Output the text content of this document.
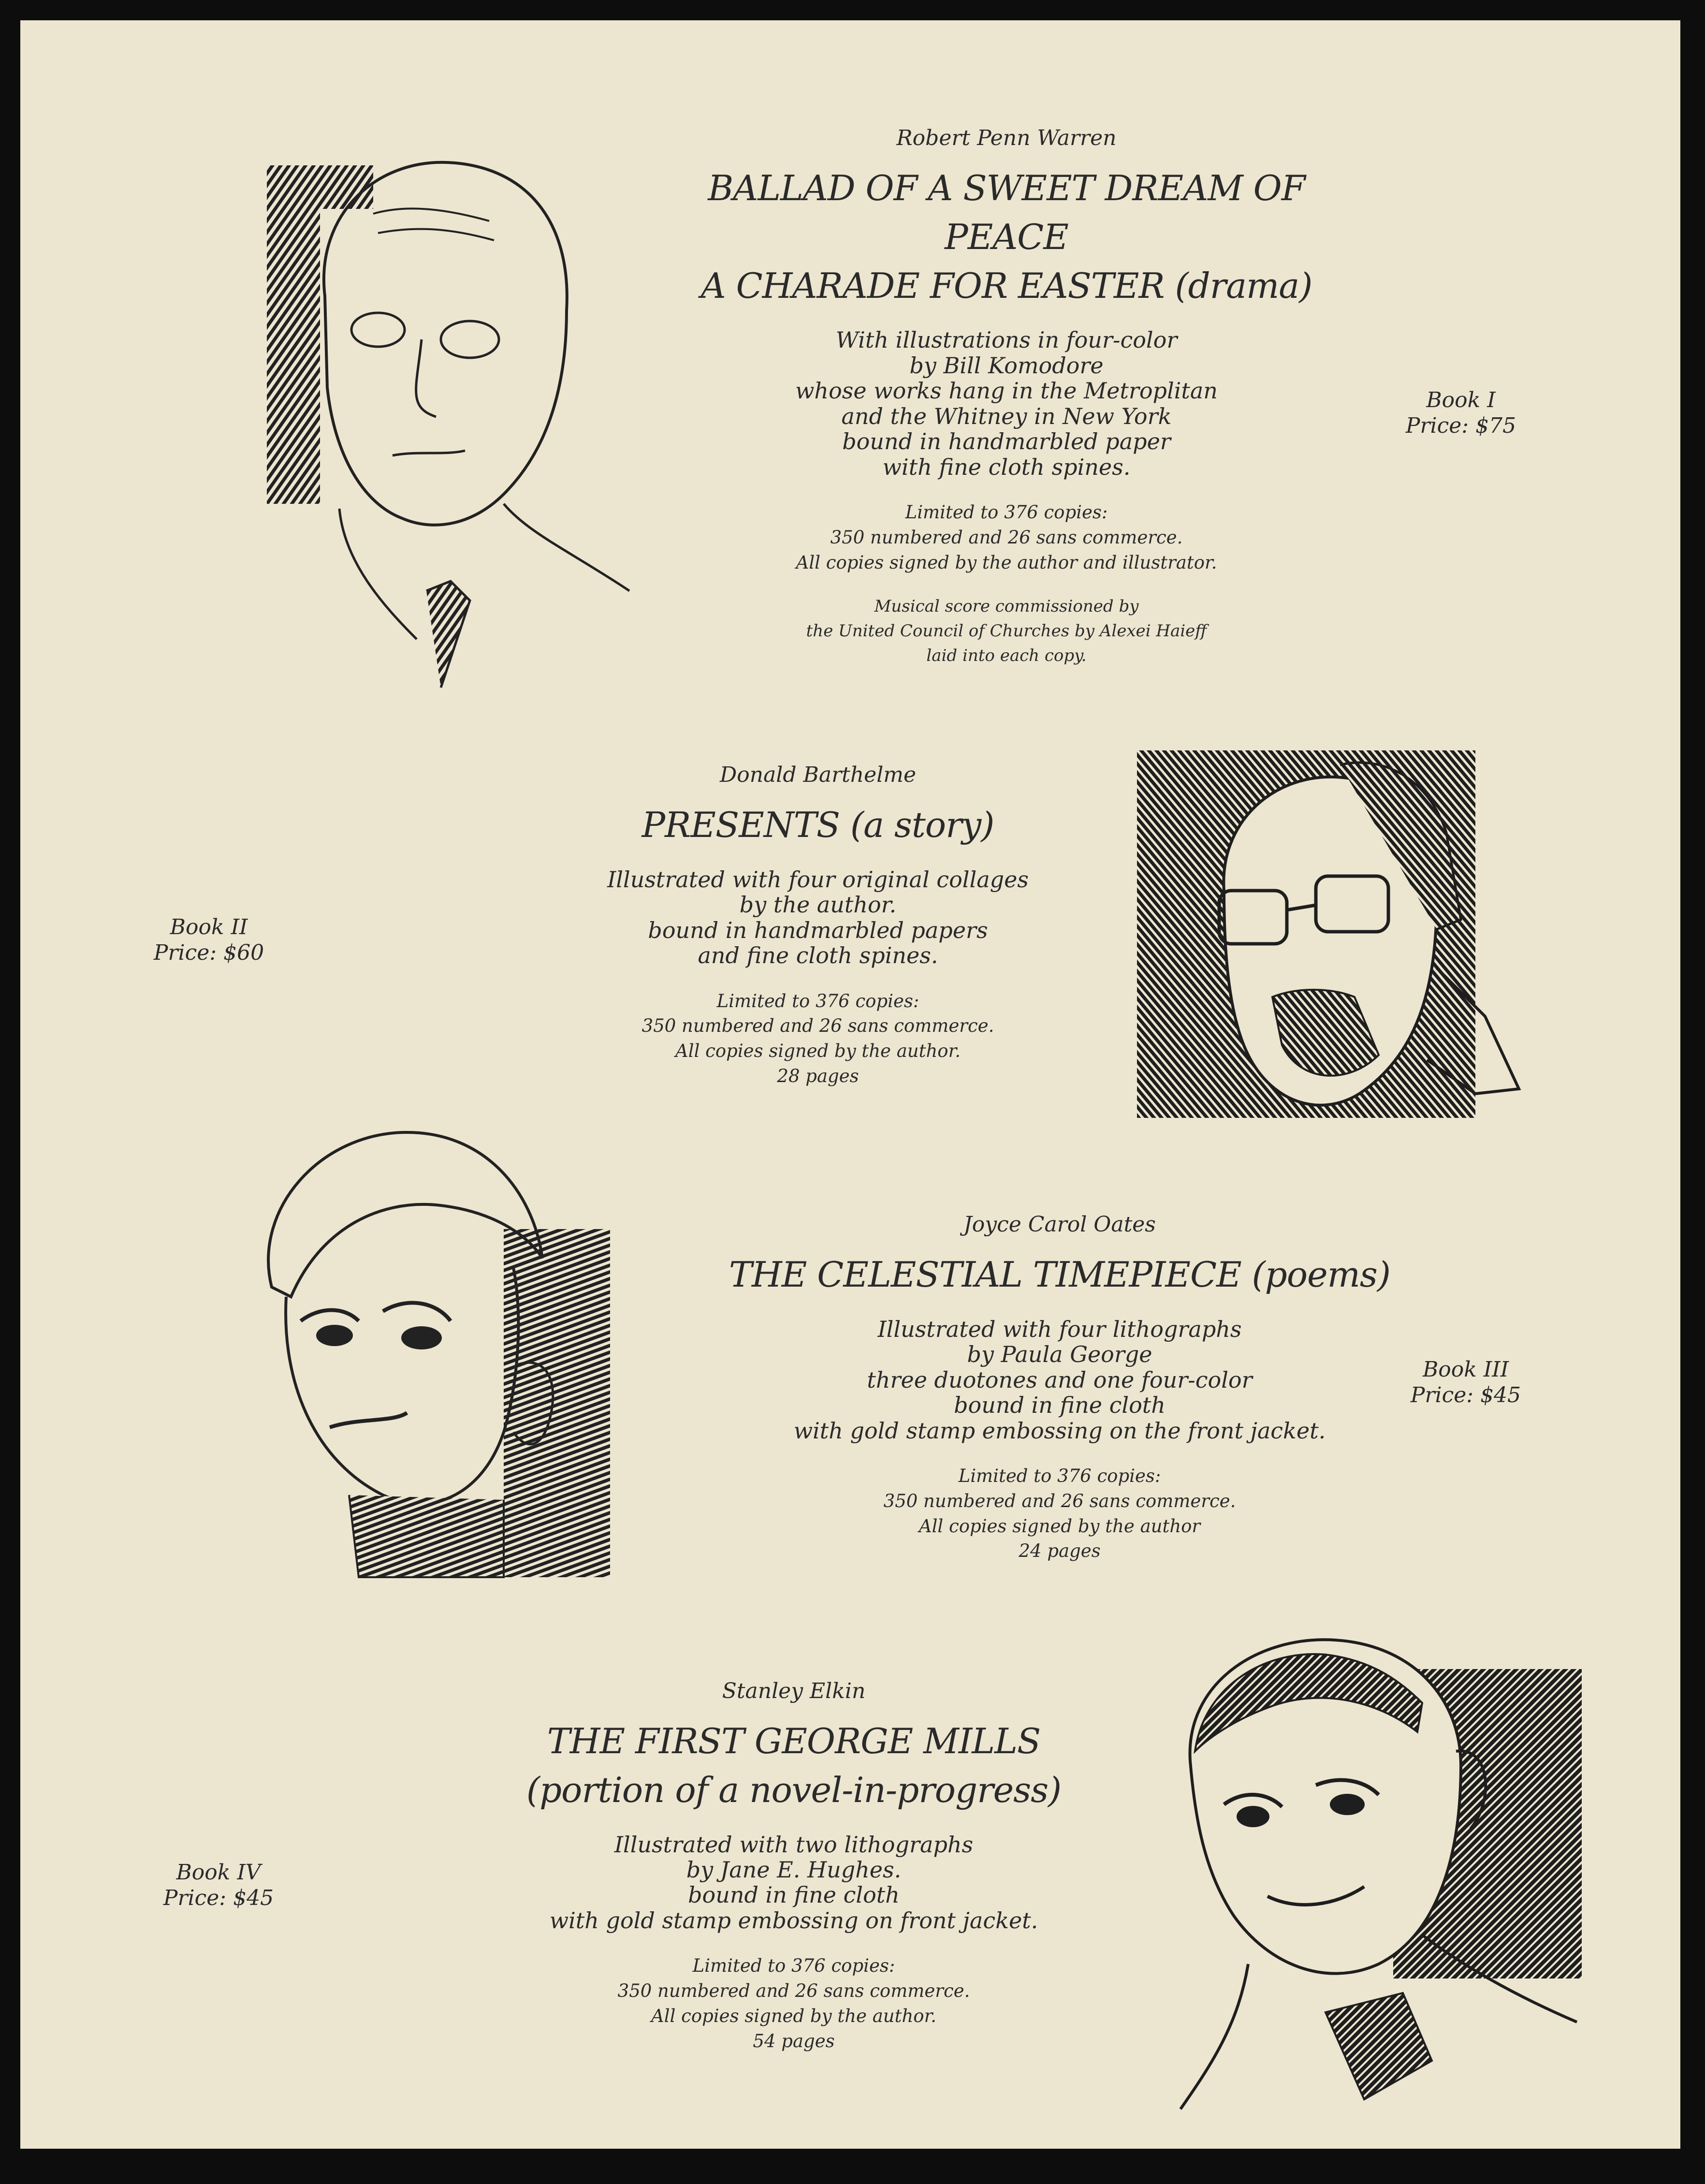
Robert Penn Warren
BALLAD OF A SWEET DREAM OF PEACE
A CHARADE FOR EASTER (drama)
With illustrations in four-color
by Bill Komodore
whose works hang in the Metroplitan
and the Whitney in New York
bound in handmarbled paper
with fine cloth spines.
Limited to 376 copies:
350 numbered and 26 sans commerce.
All copies signed by the author and illustrator.
Musical score commissioned by
the United Council of Churches by Alexei Haieff
laid into each copy.
Book I
Price: $75
Donald Barthelme
PRESENTS (a story)
Illustrated with four original collages
by the author.
bound in handmarbled papers
and fine cloth spines.
Limited to 376 copies:
350 numbered and 26 sans commerce.
All copies signed by the author.
28 pages
Book II
Price: $60
Joyce Carol Oates
THE CELESTIAL TIMEPIECE (poems)
Illustrated with four lithographs
by Paula George
three duotones and one four-color
bound in fine cloth
with gold stamp embossing on the front jacket.
Limited to 376 copies:
350 numbered and 26 sans commerce.
All copies signed by the author
24 pages
Book III
Price: $45
Stanley Elkin
THE FIRST GEORGE MILLS
(portion of a novel-in-progress)
Illustrated with two lithographs
by Jane E. Hughes.
bound in fine cloth
with gold stamp embossing on front jacket.
Limited to 376 copies:
350 numbered and 26 sans commerce.
All copies signed by the author.
54 pages
Book IV
Price: $45
